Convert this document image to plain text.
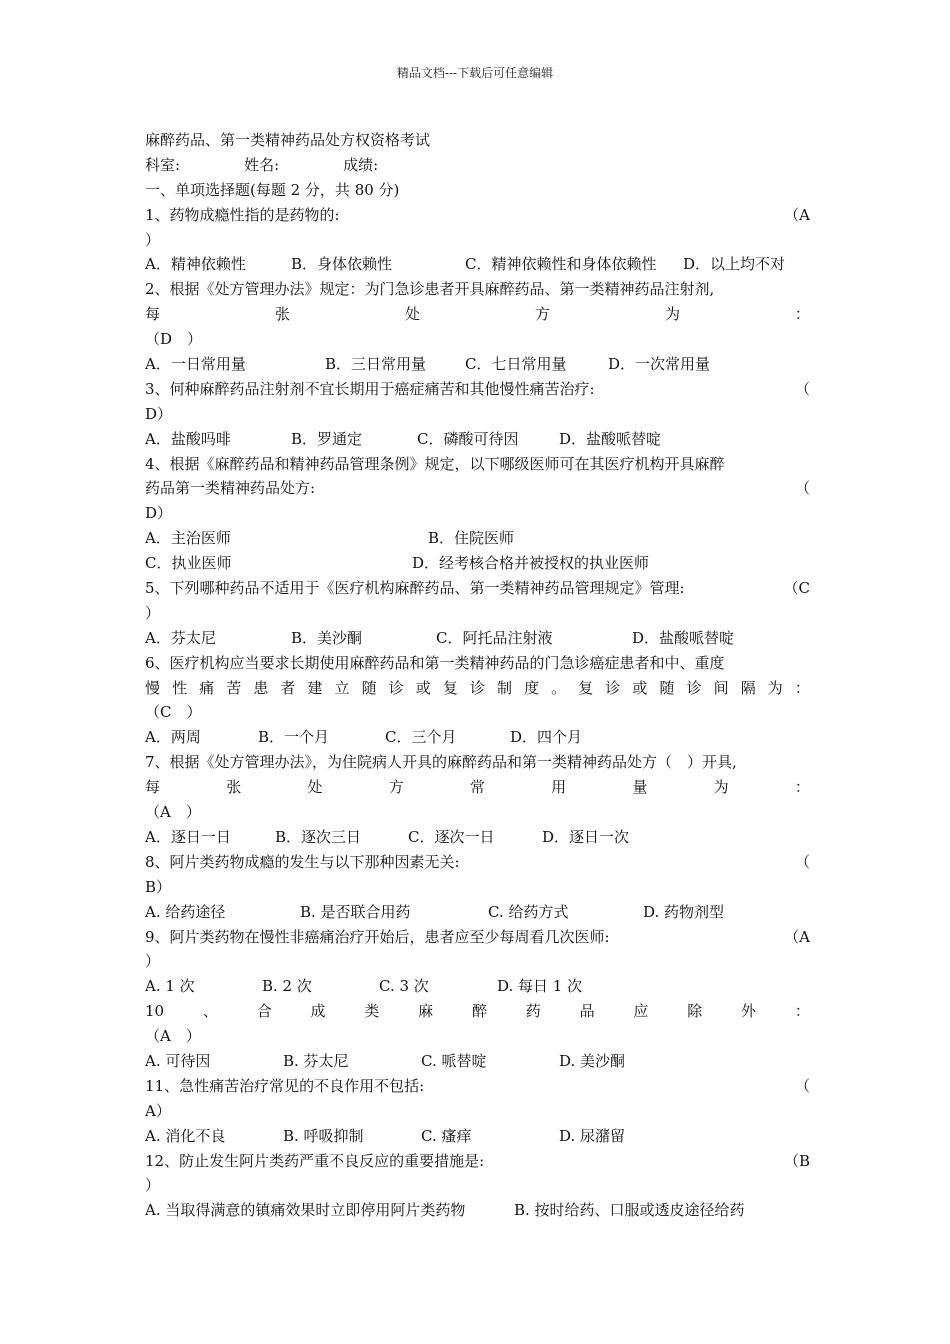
精品文档---下载后可任意编辑
麻醉药品、第一类精神药品处方权资格考试
科室:	姓名:	成绩:
一、单项选择题(每题 2 分，共 80 分)
1、药物成瘾性指的是药物的:	（A
）
A．精神依赖性	B．身体依赖性	C．精神依赖性和身体依赖性	D．以上均不对
2、根据《处方管理办法》规定：为门急诊患者开具麻醉药品、第一类精神药品注射剂,
每	张	处	方	为	：
（D　）
A．一日常用量	B．三日常用量	C．七日常用量	D．一次常用量
3、何种麻醉药品注射剂不宜长期用于癌症痛苦和其他慢性痛苦治疗:	（
D）
A．盐酸吗啡	B．罗通定	C．磷酸可待因	D．盐酸哌替啶
4、根据《麻醉药品和精神药品管理条例》规定，以下哪级医师可在其医疗机构开具麻醉
药品第一类精神药品处方:	（
D）
A．主治医师	B．住院医师
C．执业医师	D．经考核合格并被授权的执业医师
5、下列哪种药品不适用于《医疗机构麻醉药品、第一类精神药品管理规定》管理:	（C
）
A．芬太尼	B．美沙酮	C．阿托品注射液	D．盐酸哌替啶
6、医疗机构应当要求长期使用麻醉药品和第一类精神药品的门急诊癌症患者和中、重度
慢 性 痛 苦 患 者 建 立 随 诊 或 复 诊 制 度 。 复 诊 或 随 诊 间 隔 为 ：
（C　）
A．两周	B．一个月	C．三个月	D．四个月
7、根据《处方管理办法》，为住院病人开具的麻醉药品和第一类精神药品处方（　）开具,
每	张	处	方	常	用	量	为	：
（A　）
A．逐日一日	B．逐次三日	C．逐次一日	D．逐日一次
8、阿片类药物成瘾的发生与以下那种因素无关:	（
B）
A. 给药途径	B. 是否联合用药	C. 给药方式	D. 药物剂型
9、阿片类药物在慢性非癌痛治疗开始后，患者应至少每周看几次医师:	（A
）
A. 1 次	B. 2 次	C. 3 次	D. 每日 1 次
10	、	合	成	类	麻	醉	药	品	应	除	外	：
（A　）
A. 可待因	B. 芬太尼	C. 哌替啶	D. 美沙酮
11、急性痛苦治疗常见的不良作用不包括:	（
A）
A. 消化不良	B. 呼吸抑制	C. 瘙痒	D. 尿潴留
12、防止发生阿片类药严重不良反应的重要措施是:	（B
）
A. 当取得满意的镇痛效果时立即停用阿片类药物	B. 按时给药、口服或透皮途径给药
